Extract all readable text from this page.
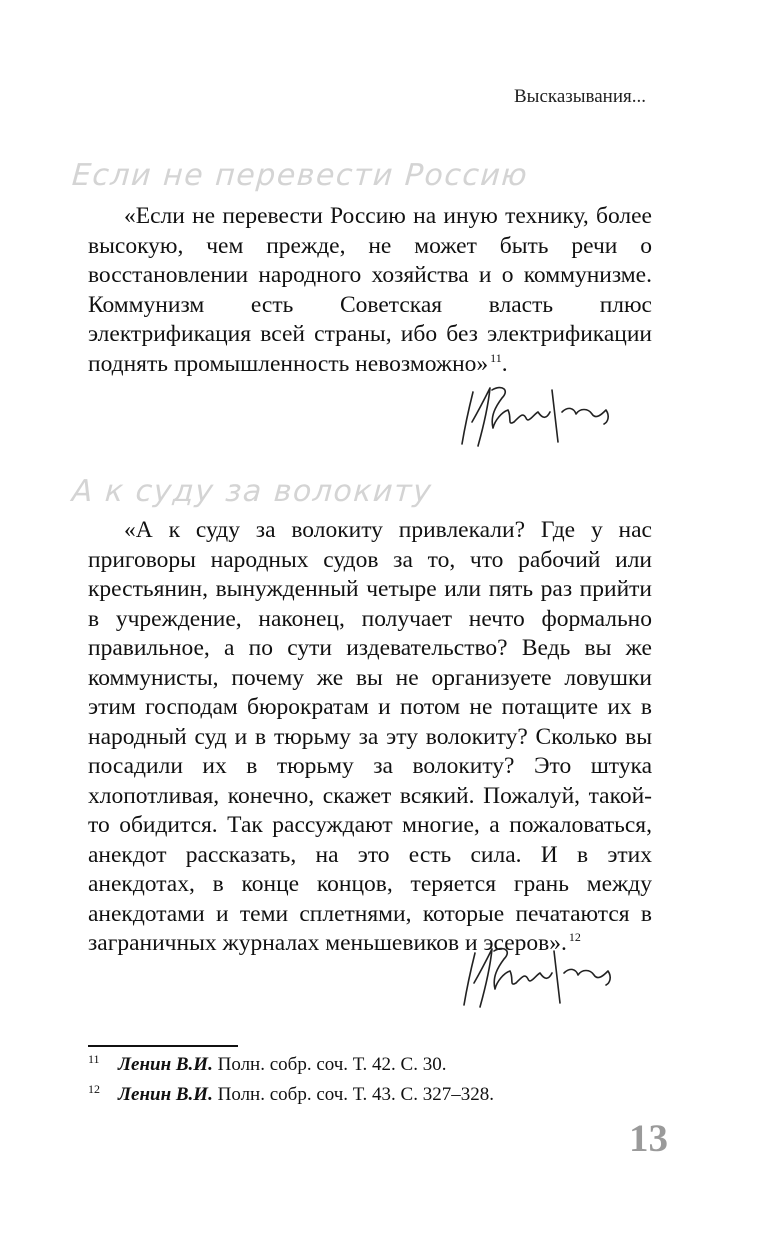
Высказывания...
Если не перевести Россию

«Если не перевести Россию на иную технику, более высокую, чем прежде, не может быть речи о восстановлении народного хозяйства и о коммунизме. Коммунизм есть Советская власть плюс электрификация всей страны, ибо без электрификации поднять промышленность невозможно» $^{11}$.

А к суду за волокиту

«А к суду за волокиту привлекали? Где у нас приговоры народных судов за то, что рабочий или крестьянин, вынужденный четыре или пять раз прийти в учреждение, наконец, получает нечто формально правильное, а по сути издевательство? Ведь вы же коммунисты, почему же вы не организуете ловушки этим господам бюрократам и потом не потащите их в народный суд и в тюрьму за эту волокиту? Сколько вы посадили их в тюрьму за волокиту? Это штука хлопотливая, конечно, скажет всякий. Пожалуй, такой-то обидится. Так рассуждают многие, а пожаловаться, анекдот рассказать, на это есть сила. И в этих анекдотах, в конце концов, теряется грань между анекдотами и теми сплетнями, которые печатаются в заграничных журналах меньшевиков и эсеров». $^{12}$

11 Ленин В.И. Полн. собр. соч. Т. 42. С. 30.
12 Ленин В.И. Полн. собр. соч. Т. 43. С. 327–328.
13
